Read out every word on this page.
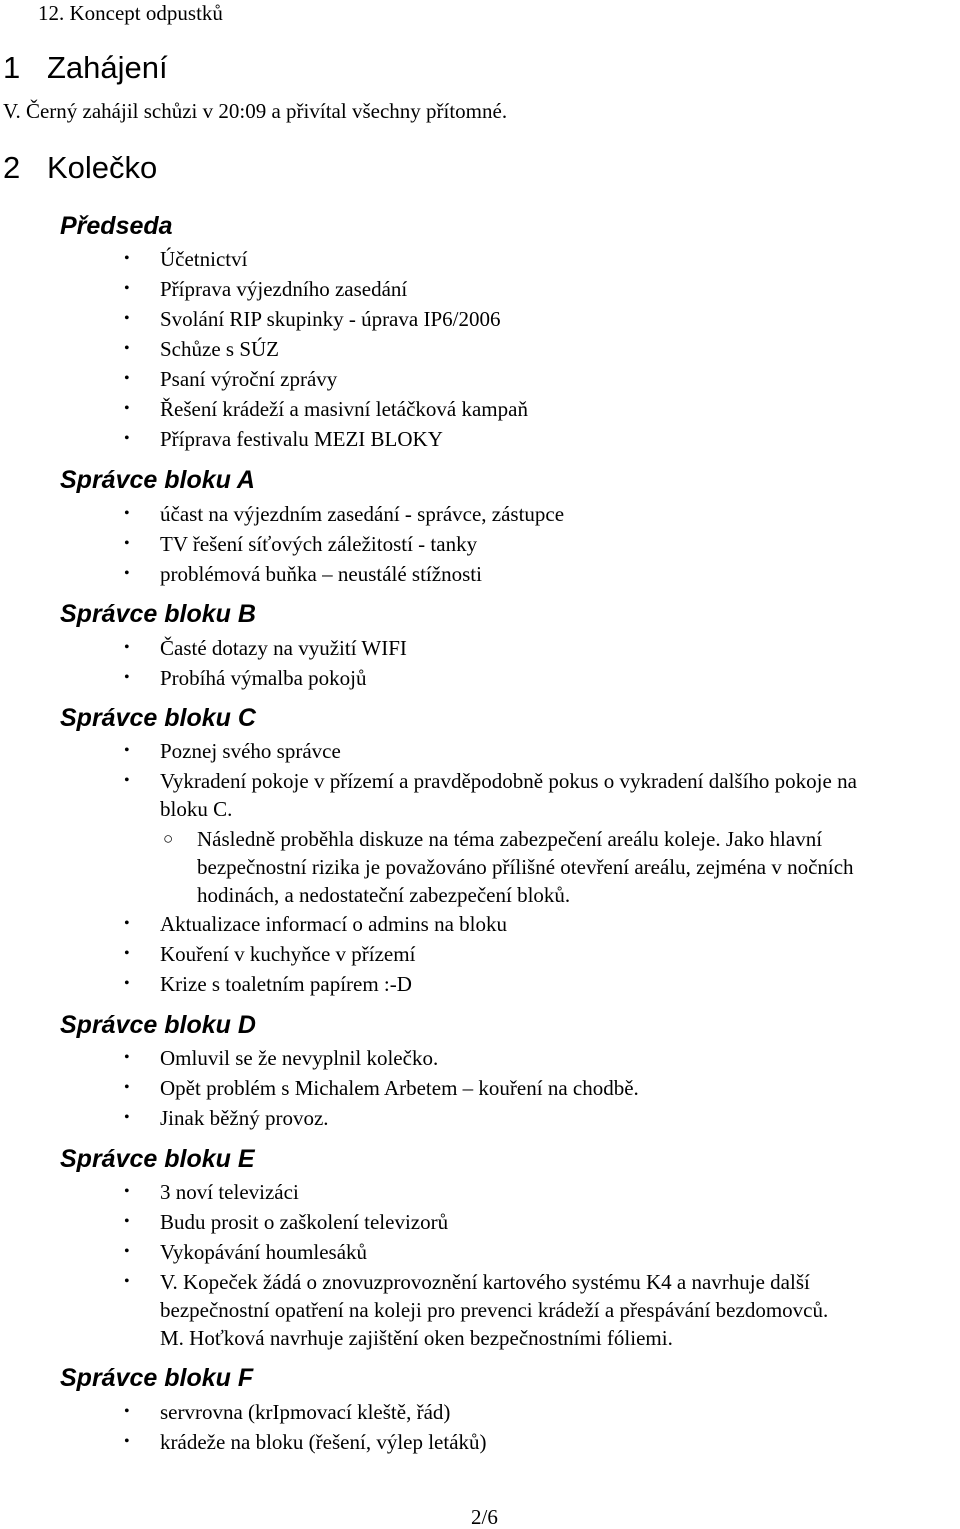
12. Koncept odpustků
1 Zahájení
V. Černý zahájil schůzi v 20:09 a přivítal všechny přítomné.
2 Kolečko
Předseda
• Účetnictví
• Příprava výjezdního zasedání
• Svolání RIP skupinky - úprava IP6/2006
• Schůze s SÚZ
• Psaní výroční zprávy
• Řešení krádeží a masivní letáčková kampaň
• Příprava festivalu MEZI BLOKY
Správce bloku A
• účast na výjezdním zasedání - správce, zástupce
• TV řešení síťových záležitostí - tanky
• problémová buňka – neustálé stížnosti
Správce bloku B
• Časté dotazy na využití WIFI
• Probíhá výmalba pokojů
Správce bloku C
• Poznej svého správce
• Vykradení pokoje v přízemí a pravděpodobně pokus o vykradení dalšího pokoje na
bloku C.
○ Následně proběhla diskuze na téma zabezpečení areálu koleje. Jako hlavní
bezpečnostní rizika je považováno přílišné otevření areálu, zejména v nočních
hodinách, a nedostateční zabezpečení bloků.
• Aktualizace informací o admins na bloku
• Kouření v kuchyňce v přízemí
• Krize s toaletním papírem :-D
Správce bloku D
• Omluvil se že nevyplnil kolečko.
• Opět problém s Michalem Arbetem – kouření na chodbě.
• Jinak běžný provoz.
Správce bloku E
• 3 noví televizáci
• Budu prosit o zaškolení televizorů
• Vykopávání houmlesáků
• V. Kopeček žádá o znovuzprovoznění kartového systému K4 a navrhuje další
bezpečnostní opatření na koleji pro prevenci krádeží a přespávání bezdomovců.
M. Hoťková navrhuje zajištění oken bezpečnostními fóliemi.
Správce bloku F
• servrovna (krIpmovací kleště, řád)
• krádeže na bloku (řešení, výlep letáků)
2/6
